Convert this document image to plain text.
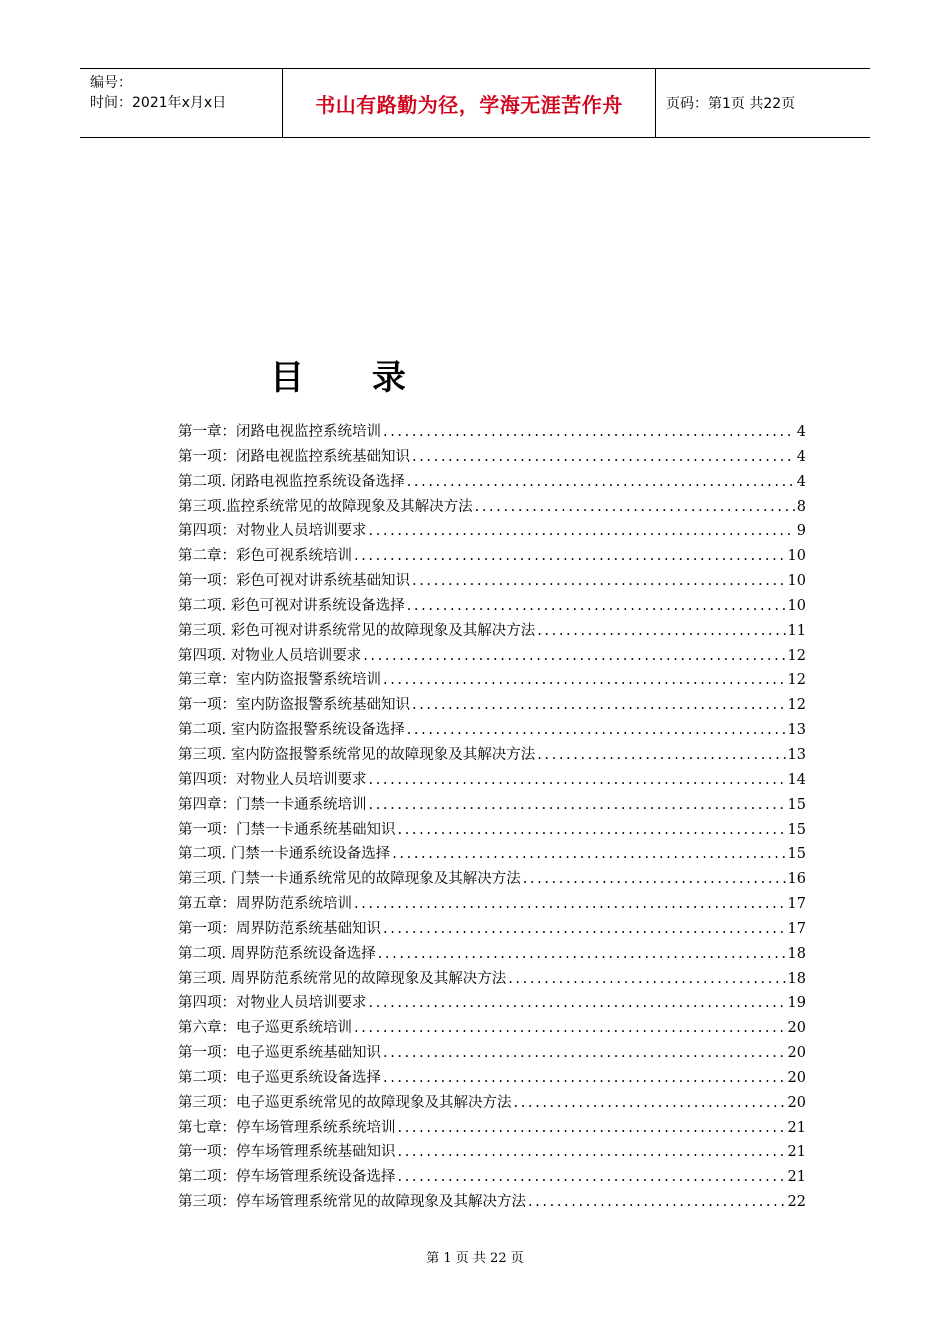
编号：
时间：2021年x月x日	书山有路勤为径，学海无涯苦作舟	页码：第1页 共22页
目 录
第一章：闭路电视监控系统培训 .....	4
第一项：闭路电视监控系统基础知识 .....	4
第二项. 闭路电视监控系统设备选择 .....	4
第三项.监控系统常见的故障现象及其解决方法 .....	8
第四项：对物业人员培训要求 .....	9
第二章：彩色可视系统培训 .....	10
第一项：彩色可视对讲系统基础知识 .....	10
第二项. 彩色可视对讲系统设备选择 .....	10
第三项. 彩色可视对讲系统常见的故障现象及其解决方法 .....	11
第四项. 对物业人员培训要求 .....	12
第三章：室内防盗报警系统培训 .....	12
第一项：室内防盗报警系统基础知识 .....	12
第二项. 室内防盗报警系统设备选择 .....	13
第三项. 室内防盗报警系统常见的故障现象及其解决方法 .....	13
第四项：对物业人员培训要求 .....	14
第四章：门禁一卡通系统培训 .....	15
第一项：门禁一卡通系统基础知识 .....	15
第二项. 门禁一卡通系统设备选择 .....	15
第三项. 门禁一卡通系统常见的故障现象及其解决方法 .....	16
第五章：周界防范系统培训 .....	17
第一项：周界防范系统基础知识 .....	17
第二项. 周界防范系统设备选择 .....	18
第三项. 周界防范系统常见的故障现象及其解决方法 .....	18
第四项：对物业人员培训要求 .....	19
第六章：电子巡更系统培训 .....	20
第一项：电子巡更系统基础知识 .....	20
第二项：电子巡更系统设备选择 .....	20
第三项：电子巡更系统常见的故障现象及其解决方法 .....	20
第七章：停车场管理系统系统培训 .....	21
第一项：停车场管理系统基础知识 .....	21
第二项：停车场管理系统设备选择 .....	21
第三项：停车场管理系统常见的故障现象及其解决方法 .....	22
第 1 页 共 22 页
